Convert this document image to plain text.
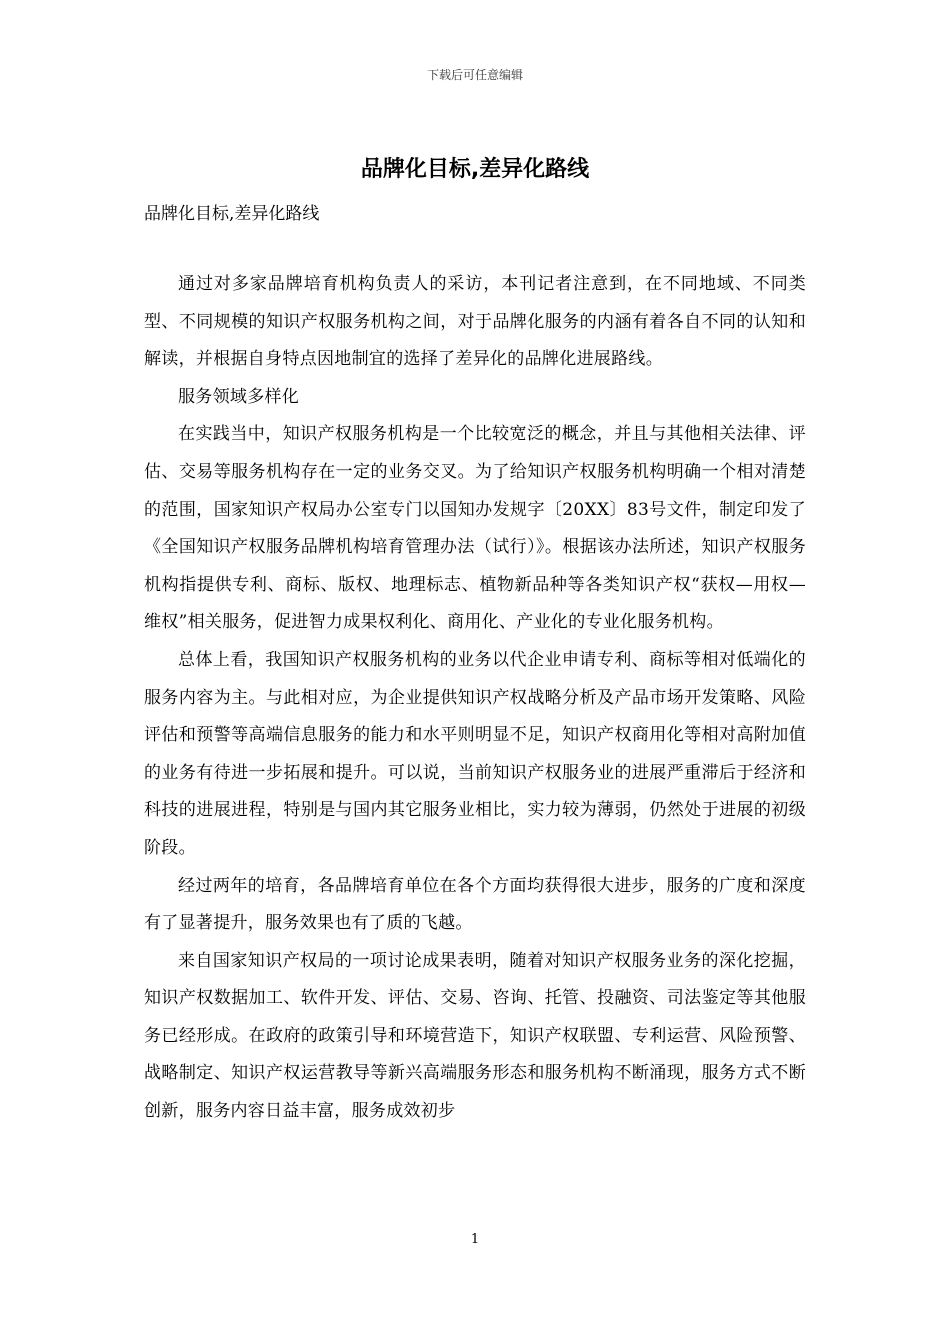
下载后可任意编辑
品牌化目标,差异化路线
品牌化目标,差异化路线

通过对多家品牌培育机构负责人的采访，本刊记者注意到，在不同地域、不同类型、不同规模的知识产权服务机构之间，对于品牌化服务的内涵有着各自不同的认知和解读，并根据自身特点因地制宜的选择了差异化的品牌化进展路线。

服务领域多样化

在实践当中，知识产权服务机构是一个比较宽泛的概念，并且与其他相关法律、评估、交易等服务机构存在一定的业务交叉。为了给知识产权服务机构明确一个相对清楚的范围，国家知识产权局办公室专门以国知办发规字〔20XX〕83号文件，制定印发了《全国知识产权服务品牌机构培育管理办法（试行）》。根据该办法所述，知识产权服务机构指提供专利、商标、版权、地理标志、植物新品种等各类知识产权“获权—用权—维权”相关服务，促进智力成果权利化、商用化、产业化的专业化服务机构。

总体上看，我国知识产权服务机构的业务以代企业申请专利、商标等相对低端化的服务内容为主。与此相对应，为企业提供知识产权战略分析及产品市场开发策略、风险评估和预警等高端信息服务的能力和水平则明显不足，知识产权商用化等相对高附加值的业务有待进一步拓展和提升。可以说，当前知识产权服务业的进展严重滞后于经济和科技的进展进程，特别是与国内其它服务业相比，实力较为薄弱，仍然处于进展的初级阶段。

经过两年的培育，各品牌培育单位在各个方面均获得很大进步，服务的广度和深度有了显著提升，服务效果也有了质的飞越。

来自国家知识产权局的一项讨论成果表明，随着对知识产权服务业务的深化挖掘，知识产权数据加工、软件开发、评估、交易、咨询、托管、投融资、司法鉴定等其他服务已经形成。在政府的政策引导和环境营造下，知识产权联盟、专利运营、风险预警、战略制定、知识产权运营教导等新兴高端服务形态和服务机构不断涌现，服务方式不断创新，服务内容日益丰富，服务成效初步

1
